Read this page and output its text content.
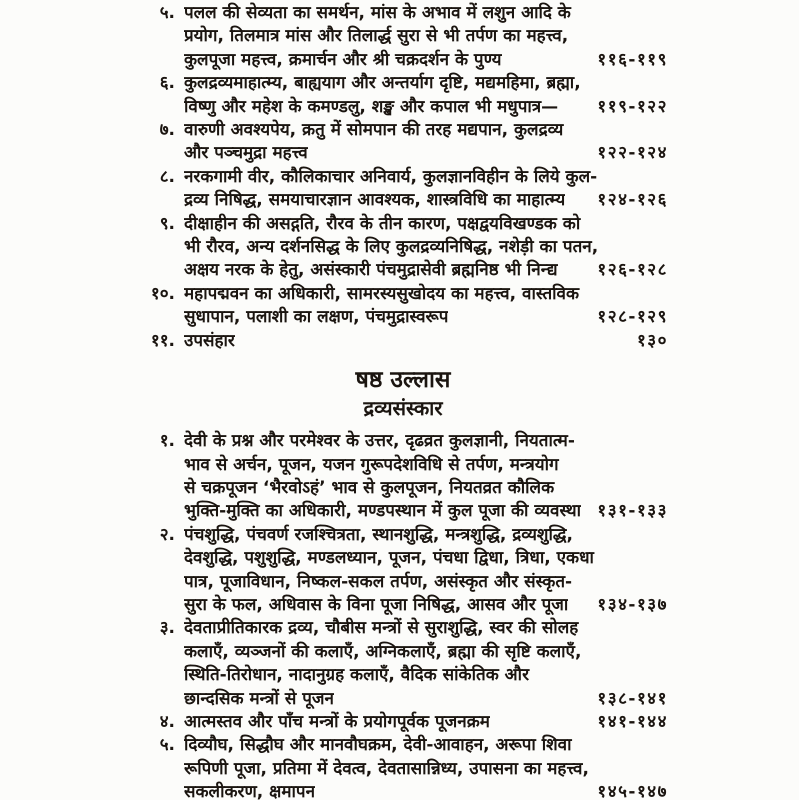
५. पलल की सेव्यता का समर्थन, मांस के अभाव में लशुन आदि के
प्रयोग, तिलमात्र मांस और तिलार्द्ध सुरा से भी तर्पण का महत्त्व,
कुलपूजा महत्त्व, क्रमार्चन और श्री चक्रदर्शन के पुण्य	११६-११९
६. कुलद्रव्यमाहात्म्य, बाह्ययाग और अन्तर्याग दृष्टि, मद्यमहिमा, ब्रह्मा,
विष्णु और महेश के कमण्डलु, शङ्ख और कपाल भी मधुपात्र—	११९-१२२
७. वारुणी अवश्यपेय, क्रतु में सोमपान की तरह मद्यपान, कुलद्रव्य
और पञ्चमुद्रा महत्त्व	१२२-१२४
८. नरकगामी वीर, कौलिकाचार अनिवार्य, कुलज्ञानविहीन के लिये कुल-
द्रव्य निषिद्ध, समयाचारज्ञान आवश्यक, शास्त्रविधि का माहात्म्य	१२४-१२६
९. दीक्षाहीन की असद्गति, रौरव के तीन कारण, पक्षद्वयविखण्डक को
भी रौरव, अन्य दर्शनसिद्ध के लिए कुलद्रव्यनिषिद्ध, नशेड़ी का पतन,
अक्षय नरक के हेतु, असंस्कारी पंचमुद्रासेवी ब्रह्मनिष्ठ भी निन्द्य	१२६-१२८
१०. महापद्मवन का अधिकारी, सामरस्यसुखोदय का महत्त्व, वास्तविक
सुधापान, पलाशी का लक्षण, पंचमुद्रास्वरूप	१२८-१२९
११. उपसंहार	१३०
षष्ठ उल्लास
द्रव्यसंस्कार
१. देवी के प्रश्न और परमेश्वर के उत्तर, दृढव्रत कुलज्ञानी, नियतात्म-
भाव से अर्चन, पूजन, यजन गुरूपदेशविधि से तर्पण, मन्त्रयोग
से चक्रपूजन ‘भैरवोऽहं’ भाव से कुलपूजन, नियतव्रत कौलिक
भुक्ति-मुक्ति का अधिकारी, मण्डपस्थान में कुल पूजा की व्यवस्था १३१-१३३
२. पंचशुद्धि, पंचवर्ण रजश्चित्रता, स्थानशुद्धि, मन्त्रशुद्धि, द्रव्यशुद्धि,
देवशुद्धि, पशुशुद्धि, मण्डलध्यान, पूजन, पंचधा द्विधा, त्रिधा, एकधा
पात्र, पूजाविधान, निष्कल-सकल तर्पण, असंस्कृत और संस्कृत-
सुरा के फल, अधिवास के विना पूजा निषिद्ध, आसव और पूजा	१३४-१३७
३. देवताप्रीतिकारक द्रव्य, चौबीस मन्त्रों से सुराशुद्धि, स्वर की सोलह
कलाएँ, व्यञ्जनों की कलाएँ, अग्निकलाएँ, ब्रह्मा की सृष्टि कलाएँ,
स्थिति-तिरोधान, नादानुग्रह कलाएँ, वैदिक सांकेतिक और
छान्दसिक मन्त्रों से पूजन	१३८-१४१
४. आत्मस्तव और पाँच मन्त्रों के प्रयोगपूर्वक पूजनक्रम	१४१-१४४
५. दिव्यौघ, सिद्धौघ और मानवौघक्रम, देवी-आवाहन, अरूपा शिवा
रूपिणी पूजा, प्रतिमा में देवत्व, देवतासान्निध्य, उपासना का महत्त्व,
सकलीकरण, क्षमापन	१४५-१४७
